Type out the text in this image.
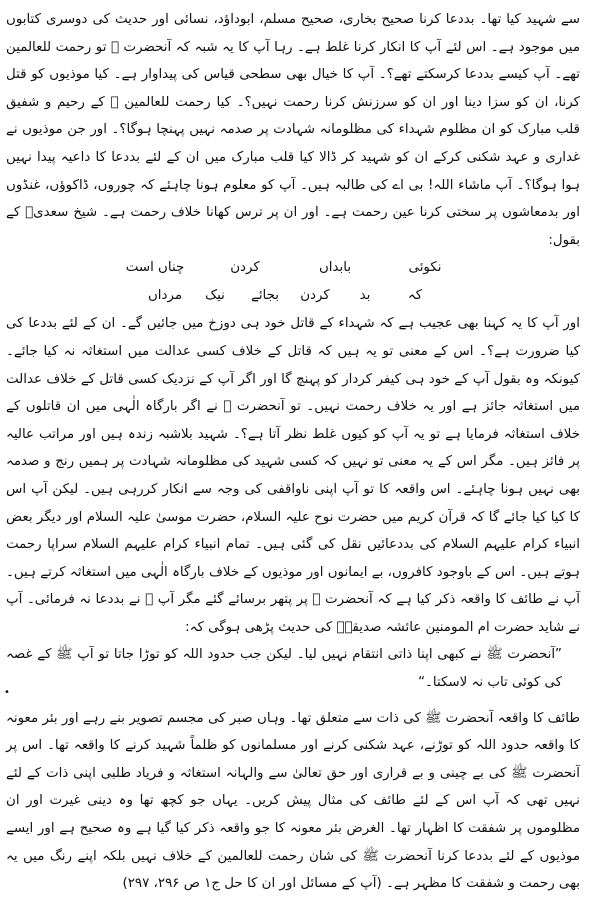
سے شہید کیا تھا۔ بددعا کرنا صحیح بخاری، صحیح مسلم، ابوداؤد، نسائی اور حدیث کی دوسری کتابوں میں موجود ہے۔ اس لئے آپ کا انکار کرنا غلط ہے۔ رہا آپ کا یہ شبہ کہ آنحضرت ﷺ تو رحمت للعالمین تھے۔ آپ کیسے بددعا کرسکتے تھے؟۔ آپ کا خیال بھی سطحی قیاس کی پیداوار ہے۔ کیا موذیوں کو قتل کرنا، ان کو سزا دینا اور ان کو سرزنش کرنا رحمت نہیں؟۔ کیا رحمت للعالمین ﷺ کے رحیم و شفیق قلب مبارک کو ان مظلوم شہداء کی مظلومانہ شہادت پر صدمہ نہیں پہنچا ہوگا؟۔ اور جن موذیوں نے غداری و عہد شکنی کرکے ان کو شہید کر ڈالا کیا قلب مبارک میں ان کے لئے بددعا کا داعیہ پیدا نہیں ہوا ہوگا؟۔ آپ ماشاء اللہ! بی اے کی طالبہ ہیں۔ آپ کو معلوم ہونا چاہئے کہ چوروں، ڈاکوؤں، غنڈوں اور بدمعاشوں پر سختی کرنا عین رحمت ہے۔ اور ان پر ترس کھانا خلاف رحمت ہے۔ شیخ سعدیؒ کے بقول:

نکوئی
بابداں
کردن
چناں است
کہ
بد
کردن
بجائے
نیک
مرداں

اور آپ کا یہ کہنا بھی عجیب ہے کہ شہداء کے قاتل خود ہی دوزخ میں جائیں گے۔ ان کے لئے بددعا کی کیا ضرورت ہے؟۔ اس کے معنی تو یہ ہیں کہ قاتل کے خلاف کسی عدالت میں استغاثہ نہ کیا جائے۔ کیونکہ وہ بقول آپ کے خود ہی کیفر کردار کو پہنچ گا اور اگر آپ کے نزدیک کسی قاتل کے خلاف عدالت میں استغاثہ جائز ہے اور یہ خلاف رحمت نہیں۔ تو آنحضرت ﷺ نے اگر بارگاہ الٰہی میں ان قاتلوں کے خلاف استغاثہ فرمایا ہے تو یہ آپ کو کیوں غلط نظر آتا ہے؟۔ شہید بلاشبہ زندہ ہیں اور مراتب عالیہ پر فائز ہیں۔ مگر اس کے یہ معنی تو نہیں کہ کسی شہید کی مظلومانہ شہادت پر ہمیں رنج و صدمہ بھی نہیں ہونا چاہئے۔ اس واقعہ کا تو آپ اپنی ناواقفی کی وجہ سے انکار کررہی ہیں۔ لیکن آپ اس کا کیا کیا جائے گا کہ قرآن کریم میں حضرت نوح علیہ السلام، حضرت موسیٰ علیہ السلام اور دیگر بعض انبیاء کرام علیہم السلام کی بددعائیں نقل کی گئی ہیں۔ تمام انبیاء کرام علیہم السلام سراپا رحمت ہوتے ہیں۔ اس کے باوجود کافروں، بے ایمانوں اور موذیوں کے خلاف بارگاہ الٰہی میں استغاثہ کرتے ہیں۔ آپ نے طائف کا واقعہ ذکر کیا ہے کہ آنحضرت ﷺ پر پتھر برسائے گئے مگر آپ ﷺ نے بددعا نہ فرمائی۔ آپ نے شاید حضرت ام المومنین عائشہ صدیقہؓ کی حدیث پڑھی ہوگی کہ:

”آنحضرت ﷺ نے کبھی اپنا ذاتی انتقام نہیں لیا۔ لیکن جب حدود اللہ کو توڑا جاتا تو آپ ﷺ کے غصہ کی کوئی تاب نہ لاسکتا۔“

طائف کا واقعہ آنحضرت ﷺ کی ذات سے متعلق تھا۔ وہاں صبر کی مجسم تصویر بنے رہے اور بئر معونہ کا واقعہ حدود اللہ کو توڑنے، عہد شکنی کرنے اور مسلمانوں کو ظلماً شہید کرنے کا واقعہ تھا۔ اس پر آنحضرت ﷺ کی بے چینی و بے قراری اور حق تعالیٰ سے والہانہ استغاثہ و فریاد طلبی اپنی ذات کے لئے نہیں تھی کہ آپ اس کے لئے طائف کی مثال پیش کریں۔ یہاں جو کچھ تھا وہ دینی غیرت اور ان مظلوموں پر شفقت کا اظہار تھا۔ الغرض بئر معونہ کا جو واقعہ ذکر کیا گیا ہے وہ صحیح ہے اور ایسے موذیوں کے لئے بددعا کرنا آنحضرت ﷺ کی شان رحمت للعالمین کے خلاف نہیں بلکہ اپنے رنگ میں یہ بھی رحمت و شفقت کا مظہر ہے۔ (آپ کے مسائل اور ان کا حل ج۱ ص ۲۹۶، ۲۹۷)

•
